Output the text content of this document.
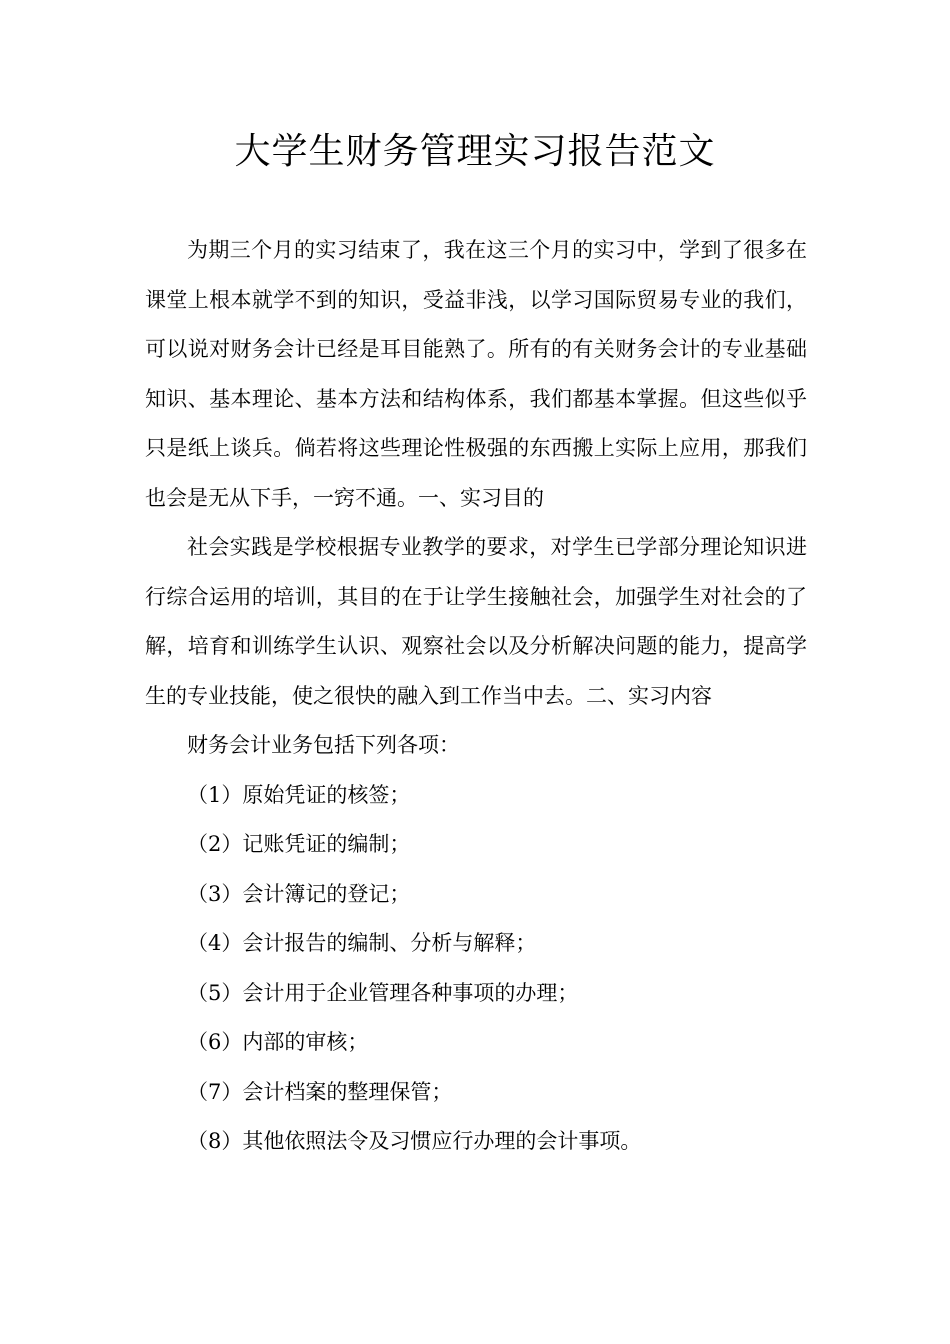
大学生财务管理实习报告范文

为期三个月的实习结束了，我在这三个月的实习中，学到了很多在课堂上根本就学不到的知识，受益非浅，以学习国际贸易专业的我们，可以说对财务会计已经是耳目能熟了。所有的有关财务会计的专业基础知识、基本理论、基本方法和结构体系，我们都基本掌握。但这些似乎只是纸上谈兵。倘若将这些理论性极强的东西搬上实际上应用，那我们也会是无从下手，一窍不通。一、实习目的

社会实践是学校根据专业教学的要求，对学生已学部分理论知识进行综合运用的培训，其目的在于让学生接触社会，加强学生对社会的了解，培育和训练学生认识、观察社会以及分析解决问题的能力，提高学生的专业技能，使之很快的融入到工作当中去。二、实习内容

财务会计业务包括下列各项：

（1）原始凭证的核签；

（2）记账凭证的编制；

（3）会计簿记的登记；

（4）会计报告的编制、分析与解释；

（5）会计用于企业管理各种事项的办理；

（6）内部的审核；

（7）会计档案的整理保管；

（8）其他依照法令及习惯应行办理的会计事项。
